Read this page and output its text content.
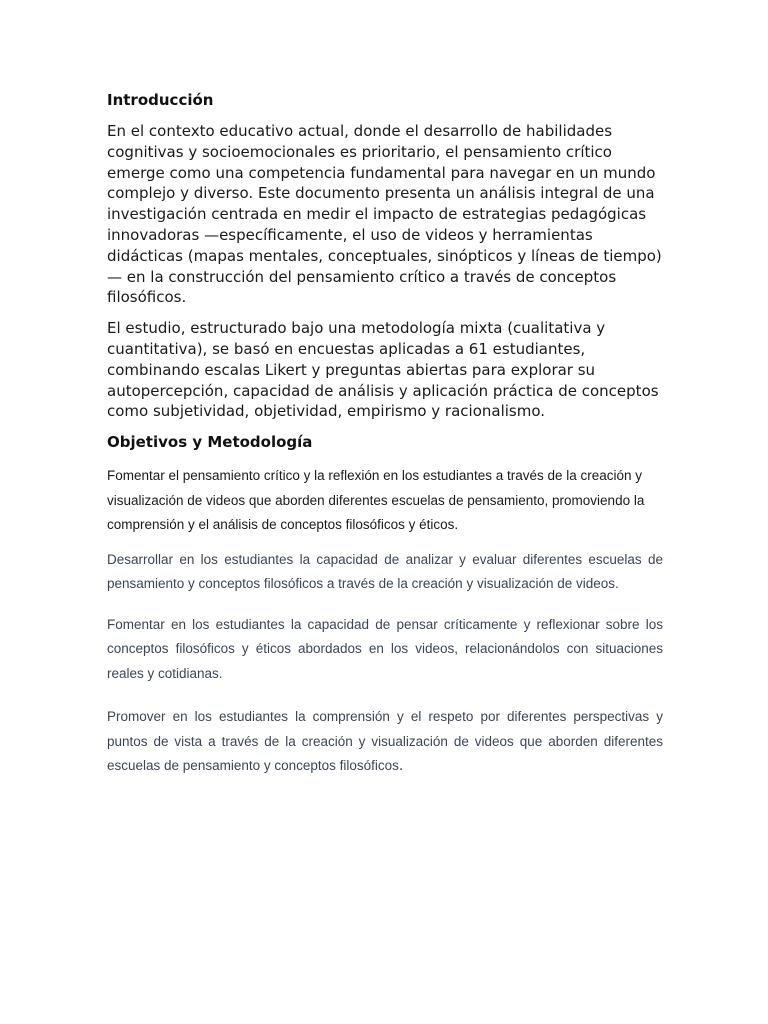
Introducción

En el contexto educativo actual, donde el desarrollo de habilidades cognitivas y socioemocionales es prioritario, el pensamiento crítico emerge como una competencia fundamental para navegar en un mundo complejo y diverso. Este documento presenta un análisis integral de una investigación centrada en medir el impacto de estrategias pedagógicas innovadoras —específicamente, el uso de videos y herramientas didácticas (mapas mentales, conceptuales, sinópticos y líneas de tiempo)— en la construcción del pensamiento crítico a través de conceptos filosóficos.

El estudio, estructurado bajo una metodología mixta (cualitativa y cuantitativa), se basó en encuestas aplicadas a 61 estudiantes, combinando escalas Likert y preguntas abiertas para explorar su autopercepción, capacidad de análisis y aplicación práctica de conceptos como subjetividad, objetividad, empirismo y racionalismo.

Objetivos y Metodología

Fomentar el pensamiento crítico y la reflexión en los estudiantes a través de la creación y visualización de videos que aborden diferentes escuelas de pensamiento, promoviendo la comprensión y el análisis de conceptos filosóficos y éticos.

Desarrollar en los estudiantes la capacidad de analizar y evaluar diferentes escuelas de pensamiento y conceptos filosóficos a través de la creación y visualización de videos.

Fomentar en los estudiantes la capacidad de pensar críticamente y reflexionar sobre los conceptos filosóficos y éticos abordados en los videos, relacionándolos con situaciones reales y cotidianas.

Promover en los estudiantes la comprensión y el respeto por diferentes perspectivas y puntos de vista a través de la creación y visualización de videos que aborden diferentes escuelas de pensamiento y conceptos filosóficos.
